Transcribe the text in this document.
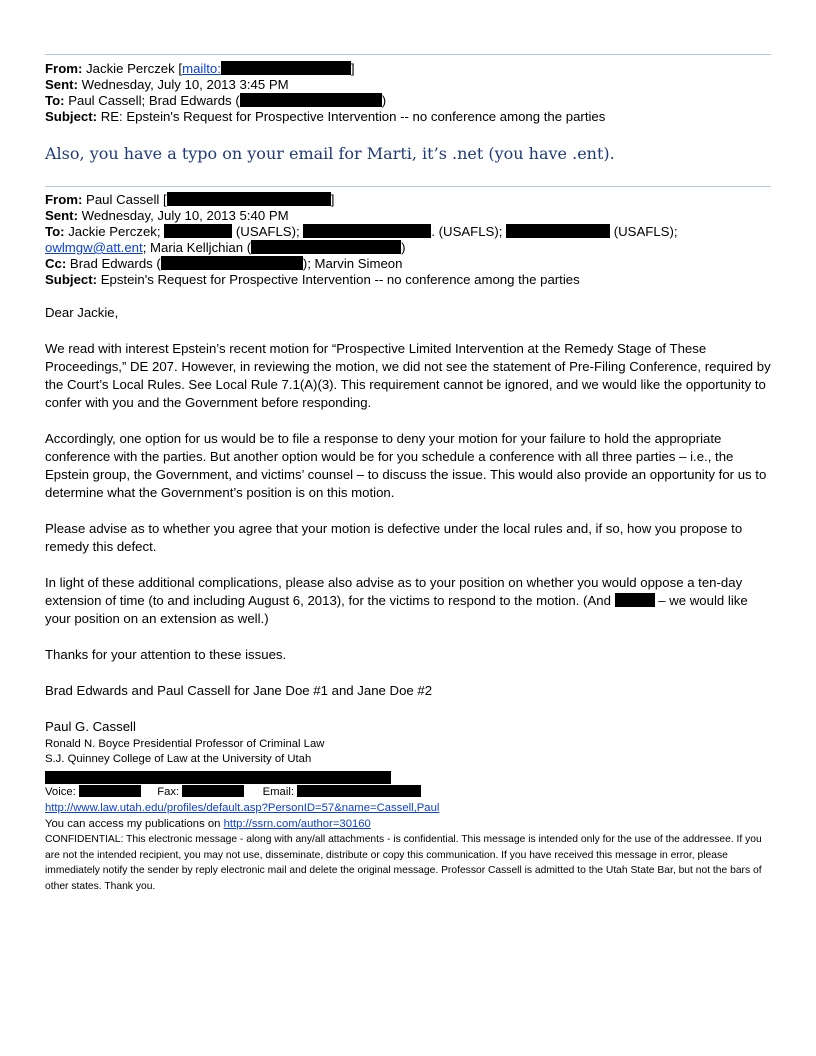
From: Jackie Perczek [mailto:	]
Sent: Wednesday, July 10, 2013 3:45 PM
To: Paul Cassell; Brad Edwards (	)
Subject: RE: Epstein's Request for Prospective Intervention -- no conference among the parties
Also, you have a typo on your email for Marti, it’s .net (you have .ent).
From: Paul Cassell [	]
Sent: Wednesday, July 10, 2013 5:40 PM
To: Jackie Perczek;	(USAFLS);	. (USAFLS);	(USAFLS);
owlmgw@att.ent; Maria Kelljchian (	)
Cc: Brad Edwards (	); Marvin Simeon
Subject: Epstein's Request for Prospective Intervention -- no conference among the parties
Dear Jackie,
We read with interest Epstein’s recent motion for “Prospective Limited Intervention at the Remedy Stage of These Proceedings,” DE 207. However, in reviewing the motion, we did not see the statement of Pre-Filing Conference, required by the Court’s Local Rules. See Local Rule 7.1(A)(3). This requirement cannot be ignored, and we would like the opportunity to confer with you and the Government before responding.
Accordingly, one option for us would be to file a response to deny your motion for your failure to hold the appropriate conference with the parties. But another option would be for you schedule a conference with all three parties – i.e., the Epstein group, the Government, and victims’ counsel – to discuss the issue. This would also provide an opportunity for us to determine what the Government’s position is on this motion.
Please advise as to whether you agree that your motion is defective under the local rules and, if so, how you propose to remedy this defect.
In light of these additional complications, please also advise as to your position on whether you would oppose a ten-day extension of time (to and including August 6, 2013), for the victims to respond to the motion. (And	– we would like your position on an extension as well.)
Thanks for your attention to these issues.
Brad Edwards and Paul Cassell for Jane Doe #1 and Jane Doe #2
Paul G. Cassell
Ronald N. Boyce Presidential Professor of Criminal Law
S.J. Quinney College of Law at the University of Utah
Voice:	Fax:	Email:
http://www.law.utah.edu/profiles/default.asp?PersonID=57&name=Cassell,Paul
You can access my publications on http://ssrn.com/author=30160
CONFIDENTIAL: This electronic message - along with any/all attachments - is confidential. This message is intended only for the use of the addressee. If you are not the intended recipient, you may not use, disseminate, distribute or copy this communication. If you have received this message in error, please immediately notify the sender by reply electronic mail and delete the original message. Professor Cassell is admitted to the Utah State Bar, but not the bars of other states. Thank you.
